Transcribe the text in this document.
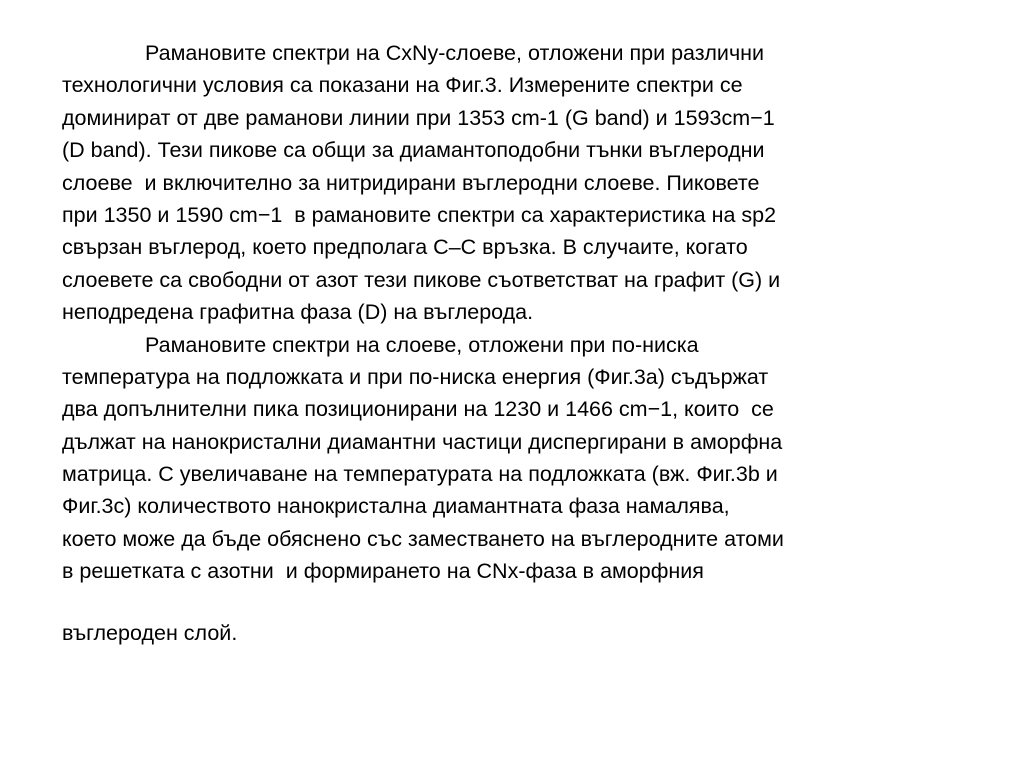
Рамановите спектри на CxNy-слоеве, отложени при различни
технологични условия са показани на Фиг.3. Измерените спектри се
доминират от две раманови линии при 1353 cm-1 (G band) и 1593cm−1
(D band). Тези пикове са общи за диамантоподобни тънки въглеродни
слоеве  и включително за нитридирани въглеродни слоеве. Пиковете
при 1350 и 1590 cm−1  в рамановите спектри са характеристика на sp2
свързан въглерод, което предполага C–C връзка. В случаите, когато
слоевете са свободни от азот тези пикове съответстват на графит (G) и
неподредена графитна фаза (D) на въглерода.
Рамановите спектри на слоеве, отложени при по-ниска
температура на подложката и при по-ниска енергия (Фиг.3a) съдържат
два допълнителни пика позиционирани на 1230 и 1466 cm−1, които  се
дължат на нанокристални диамантни частици диспергирани в аморфна
матрица. С увеличаване на температурата на подложката (вж. Фиг.3b и
Фиг.3c) количеството нанокристална диамантната фаза намалява,
което може да бъде обяснено със заместването на въглеродните атоми
в решетката с азотни  и формирането на CNx-фаза в аморфния
въглероден слой.
